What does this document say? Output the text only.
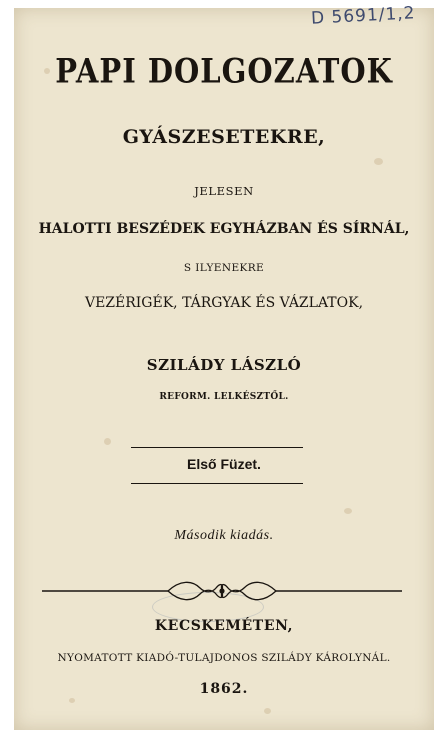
D 5691/1,2
PAPI DOLGOZATOK
GYÁSZESETEKRE,
JELESEN
HALOTTI BESZÉDEK EGYHÁZBAN ÉS SÍRNÁL,
S ILYENEKRE
VEZÉRIGÉK, TÁRGYAK ÉS VÁZLATOK,
SZILÁDY LÁSZLÓ
REFORM. LELKÉSZTŐL.
Első Füzet.
Második kiadás.
KECSKEMÉTEN,
NYOMATOTT KIADÓ-TULAJDONOS SZILÁDY KÁROLYNÁL.
1862.
